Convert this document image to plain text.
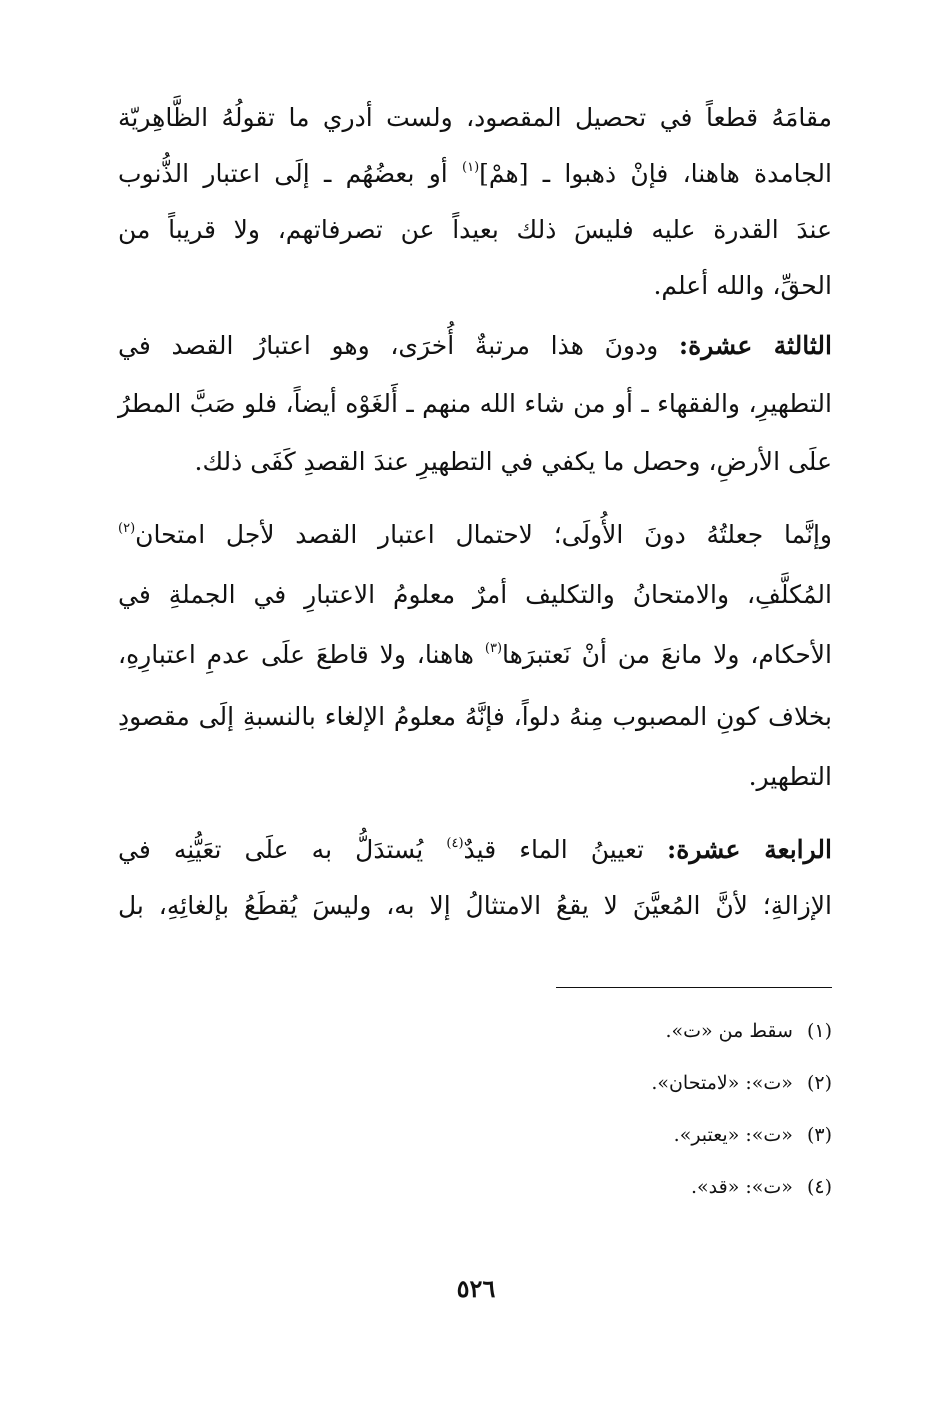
مقامَهُ قطعاً في تحصيل المقصود، ولست أدري ما تقولُهُ الظَّاهِريّة
الجامدة هاهنا، فإنْ ذهبوا ـ [همْ]$^{(١)}$ أو بعضُهُم ـ إلَى اعتبار الذُّنوب
عندَ القدرة عليه فليسَ ذلك بعيداً عن تصرفاتهم، ولا قريباً من
الحقِّ، والله أعلم.
الثالثة عشرة: ودونَ هذا مرتبةٌ أُخرَى، وهو اعتبارُ القصد في
التطهيرِ، والفقهاء ـ أو من شاء الله منهم ـ أَلغَوْه أيضاً، فلو صَبَّ المطرُ
علَى الأرضِ، وحصل ما يكفي في التطهيرِ عندَ القصدِ كَفَى ذلك.
وإنَّما جعلتُهُ دونَ الأُولَى؛ لاحتمال اعتبار القصد لأجل امتحان$^{(٢)}$
المُكلَّفِ، والامتحانُ والتكليف أمرٌ معلومُ الاعتبارِ في الجملةِ في
الأحكام، ولا مانعَ من أنْ نَعتبرَها$^{(٣)}$ هاهنا، ولا قاطعَ علَى عدمِ اعتبارِهِ،
بخلاف كونِ المصبوب مِنهُ دلواً، فإنَّهُ معلومُ الإلغاء بالنسبةِ إلَى مقصودِ
التطهير.
الرابعة عشرة: تعيينُ الماء قيدٌ$^{(٤)}$ يُستدَلُّ به علَى تعَيُّنِه في
الإزالةِ؛ لأنَّ المُعيَّنَ لا يقعُ الامتثالُ إلا به، وليسَ يُقطَعُ بإلغائِهِ، بل
(١)سقط من «ت».
(٢)«ت»: «لامتحان».
(٣)«ت»: «يعتبر».
(٤)«ت»: «قد».
٥٢٦
